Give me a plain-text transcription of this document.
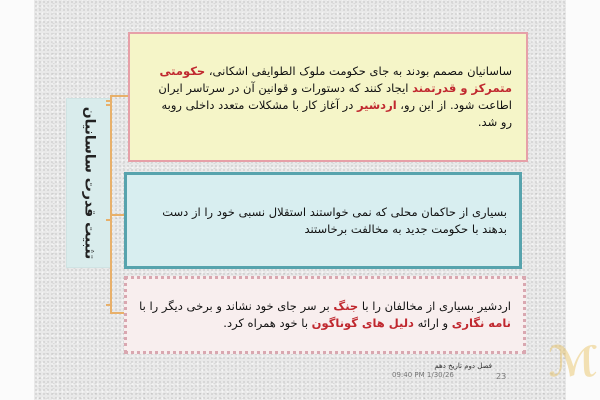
تثبیت قدرت ساسانیان
ساسانیان مصمم بودند به جای حکومت ملوک الطوایفی اشکانی، حکومتی متمرکز و قدرتمند ایجاد کنند که دستورات و قوانین آن در سرتاسر ایران اطاعت شود. از این رو، اردشیر در آغاز کار با مشکلات متعدد داخلی روبه رو شد.
بسیاری از حاکمان محلی که نمی خواستند استقلال نسبی خود را از دست بدهند با حکومت جدید به مخالفت برخاستند
اردشیر بسیاری از مخالفان را با جنگ بر سر جای خود نشاند و برخی دیگر را با نامه نگاری و ارائه دلیل های گوناگون با خود همراه کرد.
فصل دوم تاریخ دهم
09:40 PM 1/30/26	23 ℳ
